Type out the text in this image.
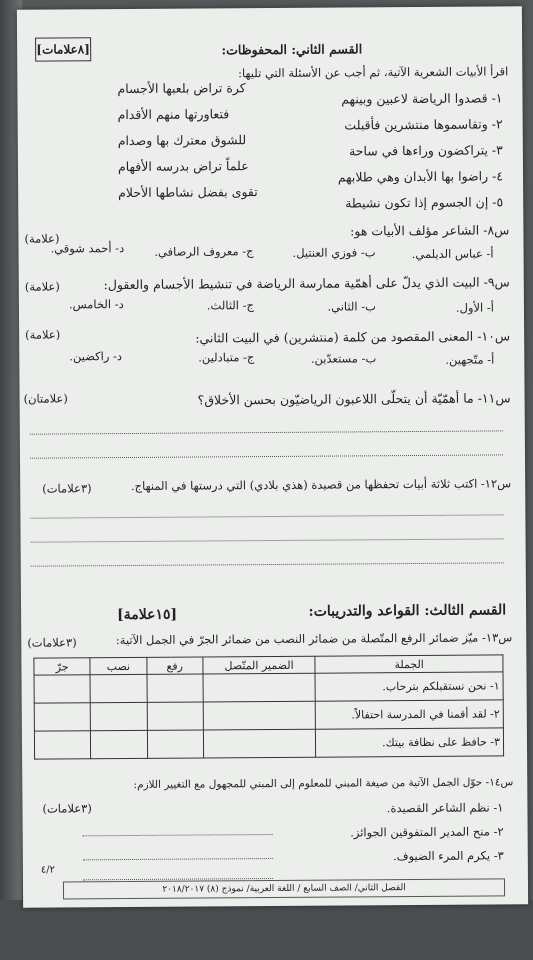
[٨علامات]	القسم الثاني: المحفوظات:
اقرأ الأبيات الشعرية الآتية، ثم أجب عن الأسئلة التي تليها:
١- قصدوا الرياضة لاعبين وبينهم
كرة تراض بلعبها الأجسام
٢- وتقاسموها منتشرين فأقبلت
فتعاورتها منهم الأقدام
٣- يتراكضون وراءها في ساحة
للشوق معترك بها وصدام
٤- راضوا بها الأبدان وهي طلابهم
علماً تراض بدرسه الأفهام
٥- إن الجسوم إذا تكون نشيطة
تقوى بفضل نشاطها الأحلام
س٨- الشاعر مؤلف الأبيات هو:
(علامة)
أ- عباس الديلمي.
ب- فوزي العنتيل.
ج- معروف الرصافي.
د- أحمد شوقي.
س٩- البيت الذي يدلّ على أهمّية ممارسة الرياضة في تنشيط الأجسام والعقول:
(علامة)
أ- الأول.
ب- الثاني.
ج- الثالث.
د- الخامس.
س١٠- المعنى المقصود من كلمة (منتشرين) في البيت الثاني:
(علامة)
أ- متّجهين.
ب- مستعدّين.
ج- متبادلين.
د- راكضين.
س١١- ما أهمّيّة أن يتحلّى اللاعبون الرياضيّون بحسن الأخلاق؟
(علامتان)
س١٢- اكتب ثلاثة أبيات تحفظها من قصيدة (هذي بلادي) التي درستها في المنهاج.
(٣علامات)
القسم الثالث: القواعد والتدريبات:
[١٥علامة]
س١٣- ميّز ضمائر الرفع المتّصلة من ضمائر النصب من ضمائر الجرّ في الجمل الآتية:
(٣علامات)
الجملة	الضمير المتّصل	رفع	نصب	جرّ
١- نحن نستقبلكم بترحاب.				
٢- لقد أقمنا في المدرسة احتفالاً.				
٣- حافظ على نظافة بيتك.				
س١٤- حوّل الجمل الآتية من صيغة المبني للمعلوم إلى المبني للمجهول مع التغيير اللازم:
(٣علامات)	١- نظم الشاعر القصيدة.
٢- منح المدير المتفوقين الجوائز.
٣- يكرم المرء الضيوف.
٤/٢
الفصل الثاني/ الصف السابع / اللغة العربية/ نموذج (٨) ٢٠١٨/٢٠١٧
